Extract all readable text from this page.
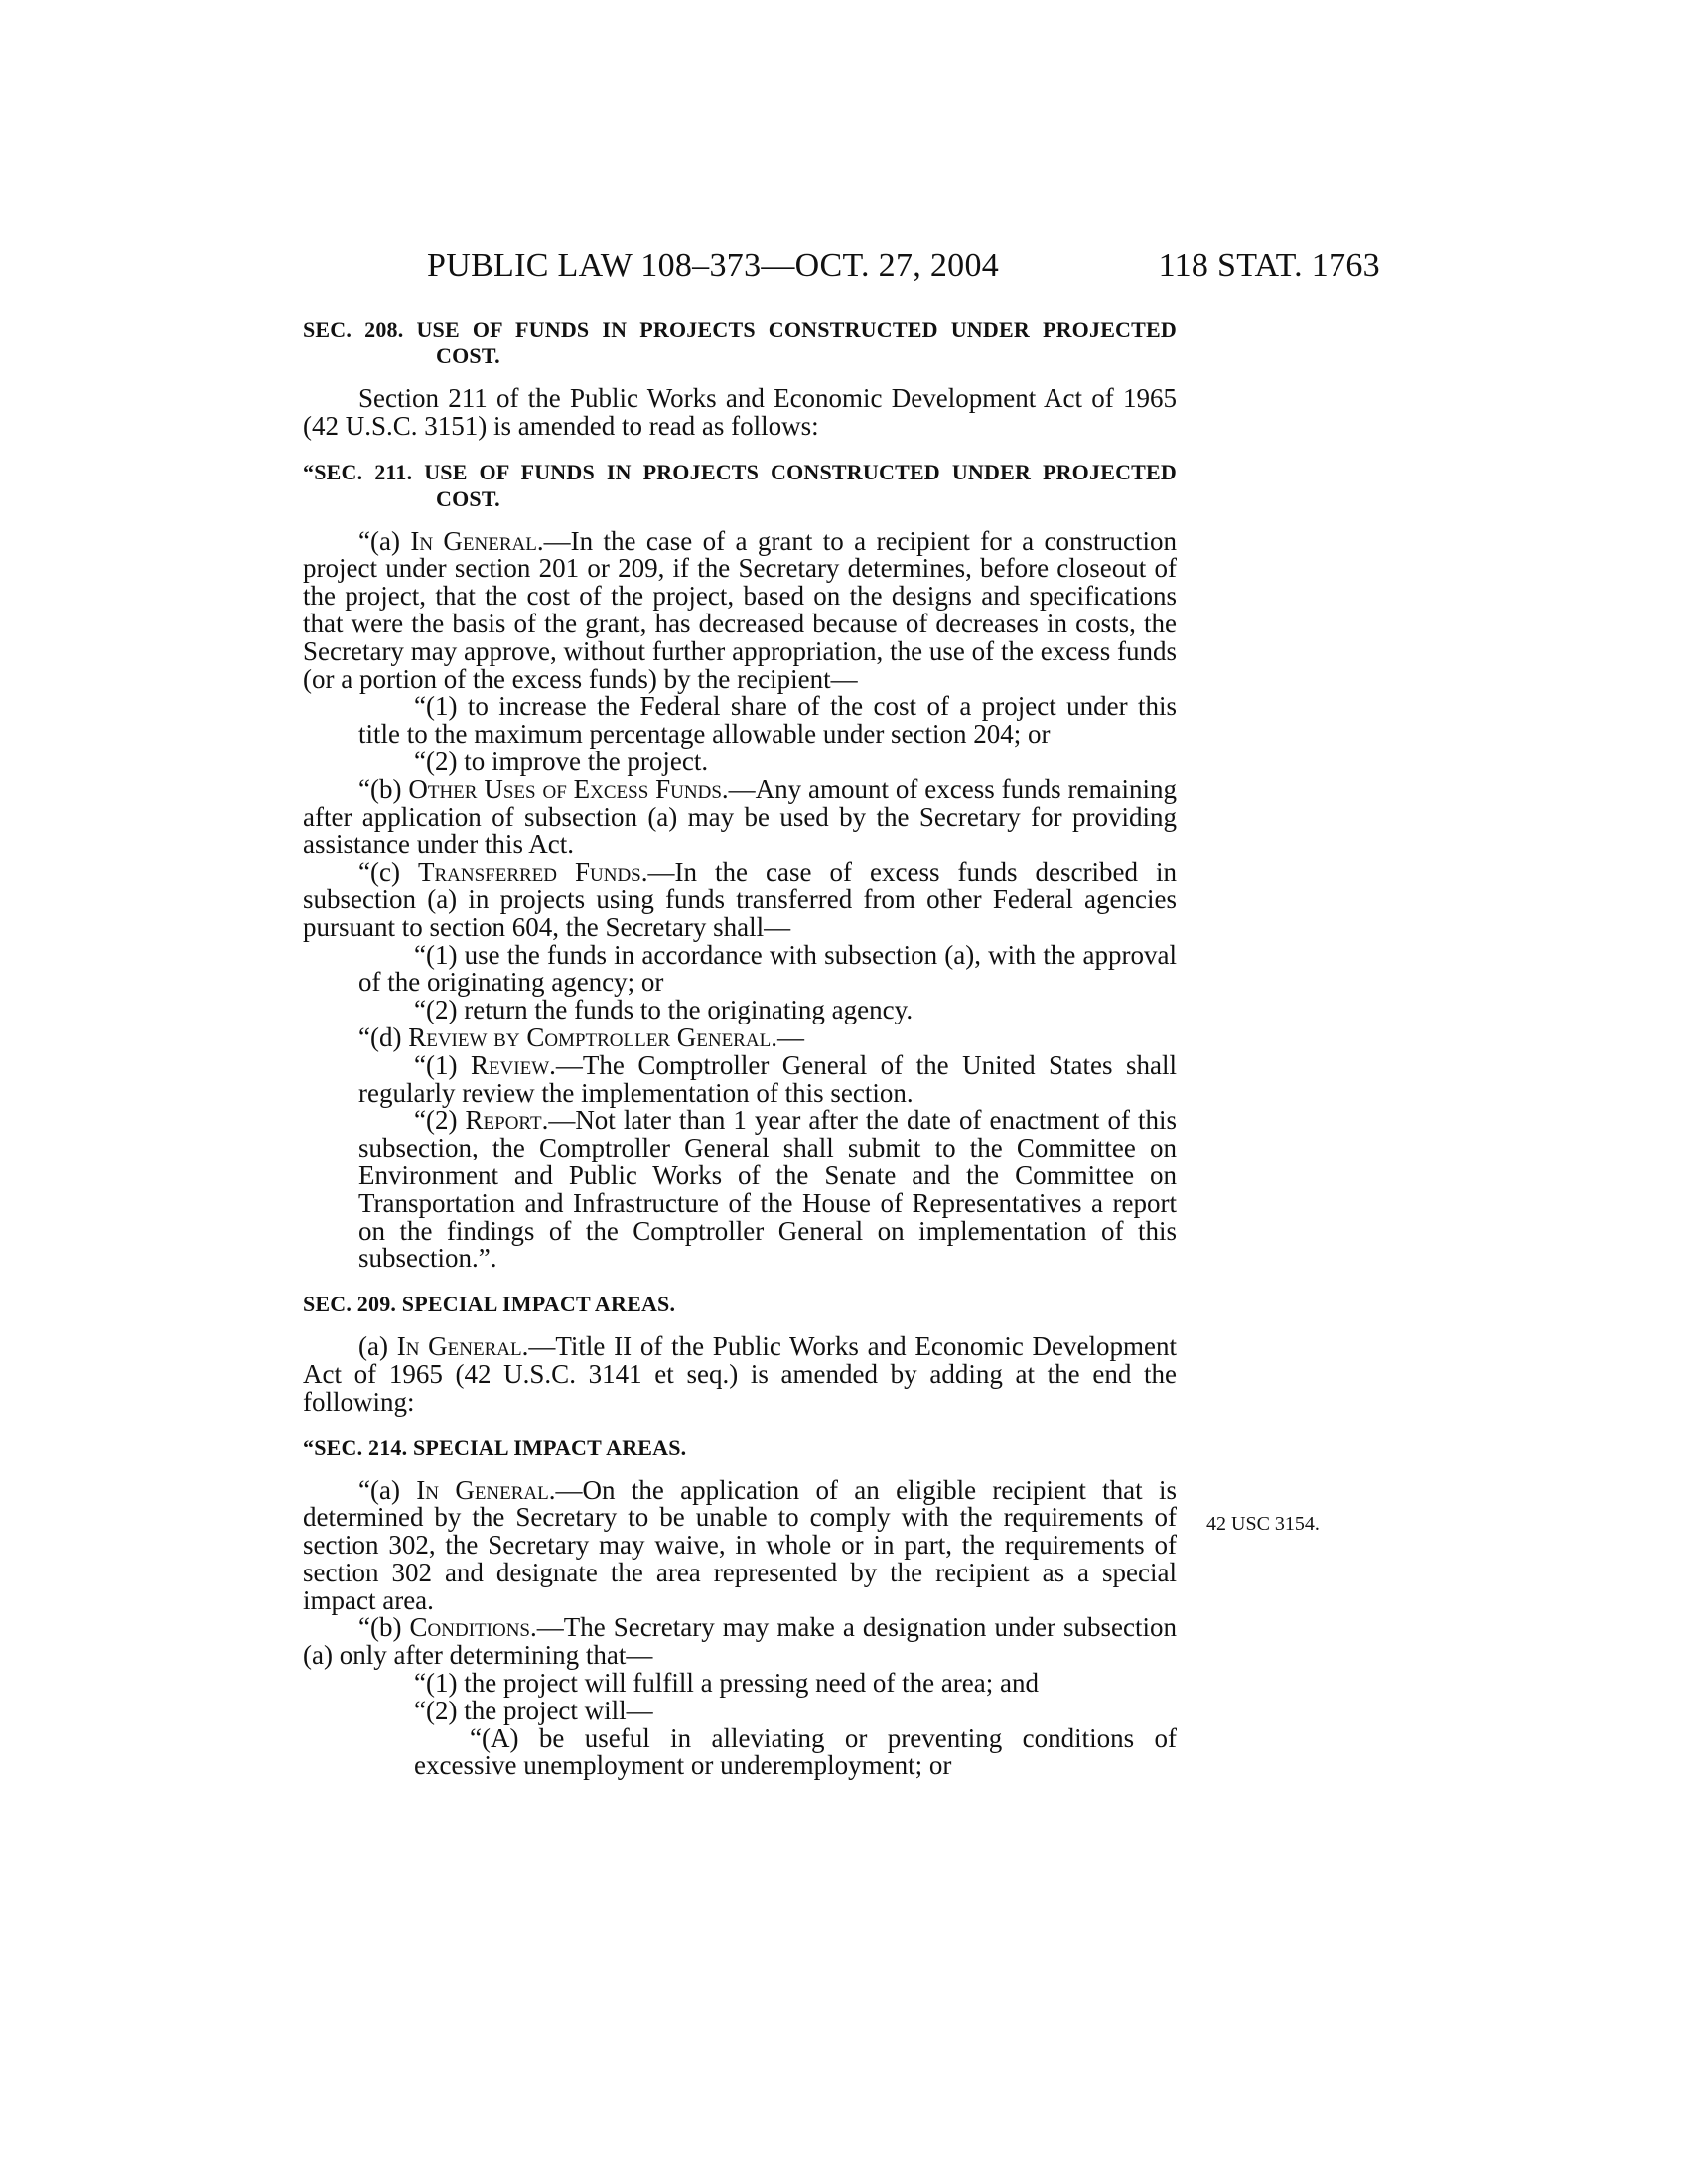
PUBLIC LAW 108–373—OCT. 27, 2004	118 STAT. 1763
SEC. 208. USE OF FUNDS IN PROJECTS CONSTRUCTED UNDER PROJECTED COST.

Section 211 of the Public Works and Economic Development Act of 1965 (42 U.S.C. 3151) is amended to read as follows:

“SEC. 211. USE OF FUNDS IN PROJECTS CONSTRUCTED UNDER PROJECTED COST.

“(a) In General.—In the case of a grant to a recipient for a construction project under section 201 or 209, if the Secretary determines, before closeout of the project, that the cost of the project, based on the designs and specifications that were the basis of the grant, has decreased because of decreases in costs, the Secretary may approve, without further appropriation, the use of the excess funds (or a portion of the excess funds) by the recipient—

“(1) to increase the Federal share of the cost of a project under this title to the maximum percentage allowable under section 204; or

“(2) to improve the project.

“(b) Other Uses of Excess Funds.—Any amount of excess funds remaining after application of subsection (a) may be used by the Secretary for providing assistance under this Act.

“(c) Transferred Funds.—In the case of excess funds described in subsection (a) in projects using funds transferred from other Federal agencies pursuant to section 604, the Secretary shall—

“(1) use the funds in accordance with subsection (a), with the approval of the originating agency; or

“(2) return the funds to the originating agency.

“(d) Review by Comptroller General.—

“(1) Review.—The Comptroller General of the United States shall regularly review the implementation of this section.

“(2) Report.—Not later than 1 year after the date of enactment of this subsection, the Comptroller General shall submit to the Committee on Environment and Public Works of the Senate and the Committee on Transportation and Infrastructure of the House of Representatives a report on the findings of the Comptroller General on implementation of this subsection.”.

SEC. 209. SPECIAL IMPACT AREAS.

(a) In General.—Title II of the Public Works and Economic Development Act of 1965 (42 U.S.C. 3141 et seq.) is amended by adding at the end the following:

“SEC. 214. SPECIAL IMPACT AREAS.

“(a) In General.—On the application of an eligible recipient that is determined by the Secretary to be unable to comply with the requirements of section 302, the Secretary may waive, in whole or in part, the requirements of section 302 and designate the area represented by the recipient as a special impact area.

“(b) Conditions.—The Secretary may make a designation under subsection (a) only after determining that—

“(1) the project will fulfill a pressing need of the area; and

“(2) the project will—

“(A) be useful in alleviating or preventing conditions of excessive unemployment or underemployment; or

42 USC 3154.
